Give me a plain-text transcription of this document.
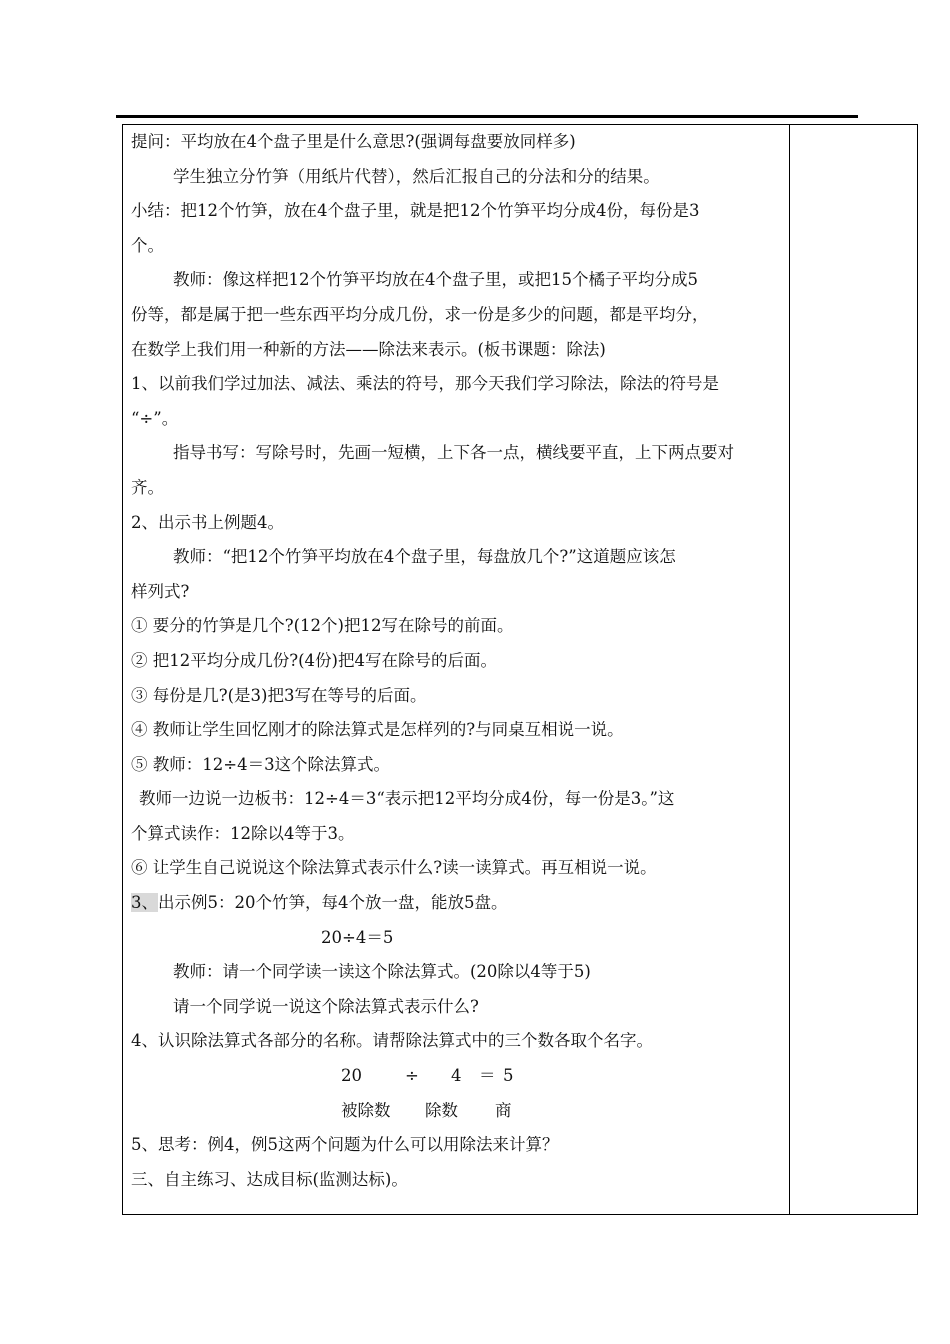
提问：平均放在4个盘子里是什么意思?(强调每盘要放同样多)

学生独立分竹笋（用纸片代替），然后汇报自己的分法和分的结果。

小结：把12个竹笋，放在4个盘子里，就是把12个竹笋平均分成4份，每份是3

个。

教师：像这样把12个竹笋平均放在4个盘子里，或把15个橘子平均分成5

份等，都是属于把一些东西平均分成几份，求一份是多少的问题，都是平均分，

在数学上我们用一种新的方法——除法来表示。(板书课题：除法)

1、以前我们学过加法、减法、乘法的符号，那今天我们学习除法，除法的符号是

“÷”。

指导书写：写除号时，先画一短横，上下各一点，横线要平直，上下两点要对

齐。

2、出示书上例题4。

教师：“把12个竹笋平均放在4个盘子里，每盘放几个?”这道题应该怎

样列式?

① 要分的竹笋是几个?(12个)把12写在除号的前面。

② 把12平均分成几份?(4份)把4写在除号的后面。

③ 每份是几?(是3)把3写在等号的后面。

④ 教师让学生回忆刚才的除法算式是怎样列的?与同桌互相说一说。

⑤ 教师：12÷4＝3这个除法算式。

教师一边说一边板书：12÷4＝3“表示把12平均分成4份，每一份是3。”这

个算式读作：12除以4等于3。

⑥ 让学生自己说说这个除法算式表示什么?读一读算式。再互相说一说。

3、出示例5：20个竹笋，每4个放一盘，能放5盘。

20÷4＝5

教师：请一个同学读一读这个除法算式。(20除以4等于5)

请一个同学说一说这个除法算式表示什么?

4、认识除法算式各部分的名称。请帮除法算式中的三个数各取个名字。

20	÷ 4 ＝ 5

被除数 除数 商

5、思考：例4，例5这两个问题为什么可以用除法来计算？

三、自主练习、达成目标(监测达标)。
